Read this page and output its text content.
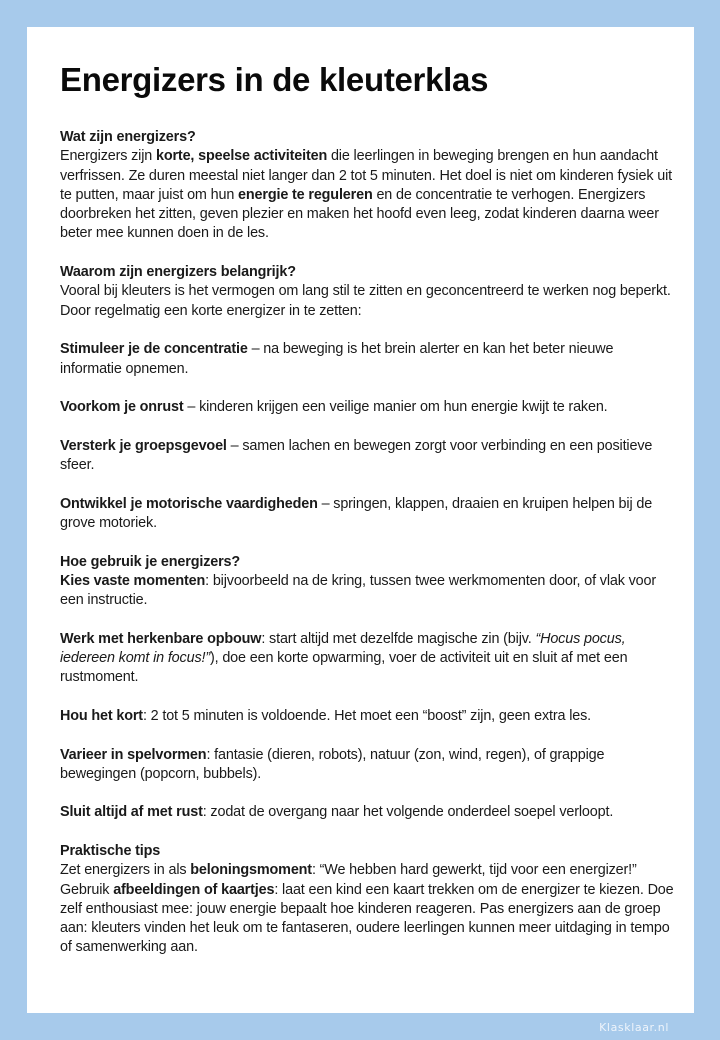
Energizers in de kleuterklas

Wat zijn energizers?

Energizers zijn korte, speelse activiteiten die leerlingen in beweging brengen en hun aandacht verfrissen. Ze duren meestal niet langer dan 2 tot 5 minuten. Het doel is niet om kinderen fysiek uit te putten, maar juist om hun energie te reguleren en de concentratie te verhogen. Energizers doorbreken het zitten, geven plezier en maken het hoofd even leeg, zodat kinderen daarna weer beter mee kunnen doen in de les.

Waarom zijn energizers belangrijk?

Vooral bij kleuters is het vermogen om lang stil te zitten en geconcentreerd te werken nog beperkt. Door regelmatig een korte energizer in te zetten:

Stimuleer je de concentratie – na beweging is het brein alerter en kan het beter nieuwe informatie opnemen.

Voorkom je onrust – kinderen krijgen een veilige manier om hun energie kwijt te raken.

Versterk je groepsgevoel – samen lachen en bewegen zorgt voor verbinding en een positieve sfeer.

Ontwikkel je motorische vaardigheden – springen, klappen, draaien en kruipen helpen bij de grove motoriek.

Hoe gebruik je energizers?

Kies vaste momenten: bijvoorbeeld na de kring, tussen twee werkmomenten door, of vlak voor een instructie.

Werk met herkenbare opbouw: start altijd met dezelfde magische zin (bijv. “Hocus pocus, iedereen komt in focus!”), doe een korte opwarming, voer de activiteit uit en sluit af met een rustmoment.

Hou het kort: 2 tot 5 minuten is voldoende. Het moet een “boost” zijn, geen extra les.

Varieer in spelvormen: fantasie (dieren, robots), natuur (zon, wind, regen), of grappige bewegingen (popcorn, bubbels).

Sluit altijd af met rust: zodat de overgang naar het volgende onderdeel soepel verloopt.

Praktische tips

Zet energizers in als beloningsmoment: “We hebben hard gewerkt, tijd voor een energizer!” Gebruik afbeeldingen of kaartjes: laat een kind een kaart trekken om de energizer te kiezen. Doe zelf enthousiast mee: jouw energie bepaalt hoe kinderen reageren. Pas energizers aan de groep aan: kleuters vinden het leuk om te fantaseren, oudere leerlingen kunnen meer uitdaging in tempo of samenwerking aan.

Klasklaar.nl
